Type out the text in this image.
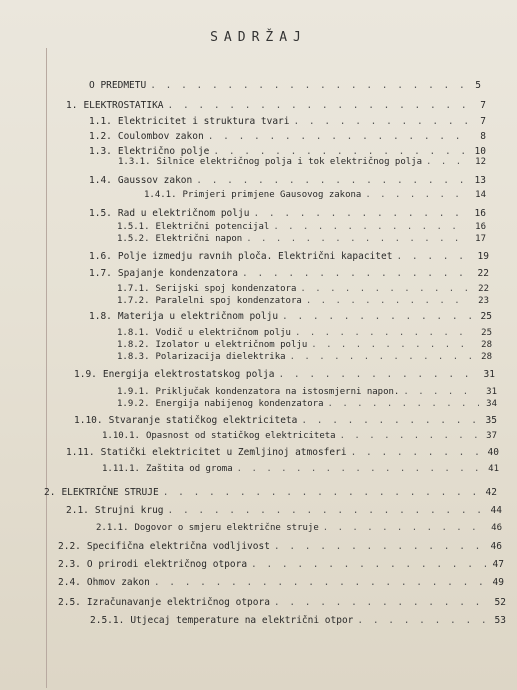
SADRŽAJ
O PREDMETU . . .	5
1. ELEKTROSTATIKA . . .	7
1.1. Elektricitet i struktura tvari . . .	7
1.2. Coulombov zakon . . .	8
1.3. Električno polje . . .	10
1.3.1. Silnice električnog polja i tok električnog polja . . .	12
1.4. Gaussov zakon . . .	13
1.4.1. Primjeri primjene Gausovog zakona . . .	14
1.5. Rad u električnom polju . . .	16
1.5.1. Električni potencijal . . .	16
1.5.2. Električni napon . . .	17
1.6. Polje izmedju ravnih ploča. Električni kapacitet . . .	19
1.7. Spajanje kondenzatora . . .	22
1.7.1. Serijski spoj kondenzatora . . .	22
1.7.2. Paralelni spoj kondenzatora . . .	23
1.8. Materija u električnom polju . . .	25
1.8.1. Vodič u električnom polju . . .	25
1.8.2. Izolator u električnom polju . . .	28
1.8.3. Polarizacija dielektrika . . .	28
1.9. Energija elektrostatskog polja . . .	31
1.9.1. Priključak kondenzatora na istosmjerni napon. . . .	31
1.9.2. Energija nabijenog kondenzatora . . .	34
1.10. Stvaranje statičkog elektriciteta . . .	35
1.10.1. Opasnost od statičkog elektriciteta . . .	37
1.11. Statički elektricitet u Zemljinoj atmosferi . . .	40
1.11.1. Zaštita od groma . . .	41
2. ELEKTRIČNE STRUJE . . .	42
2.1. Strujni krug . . .	44
2.1.1. Dogovor o smjeru električne struje . . .	46
2.2. Specifična električna vodljivost . . .	46
2.3. O prirodi električnog otpora . . .	47
2.4. Ohmov zakon . . .	49
2.5. Izračunavanje električnog otpora . . .	52
2.5.1. Utjecaj temperature na električni otpor . . .	53
